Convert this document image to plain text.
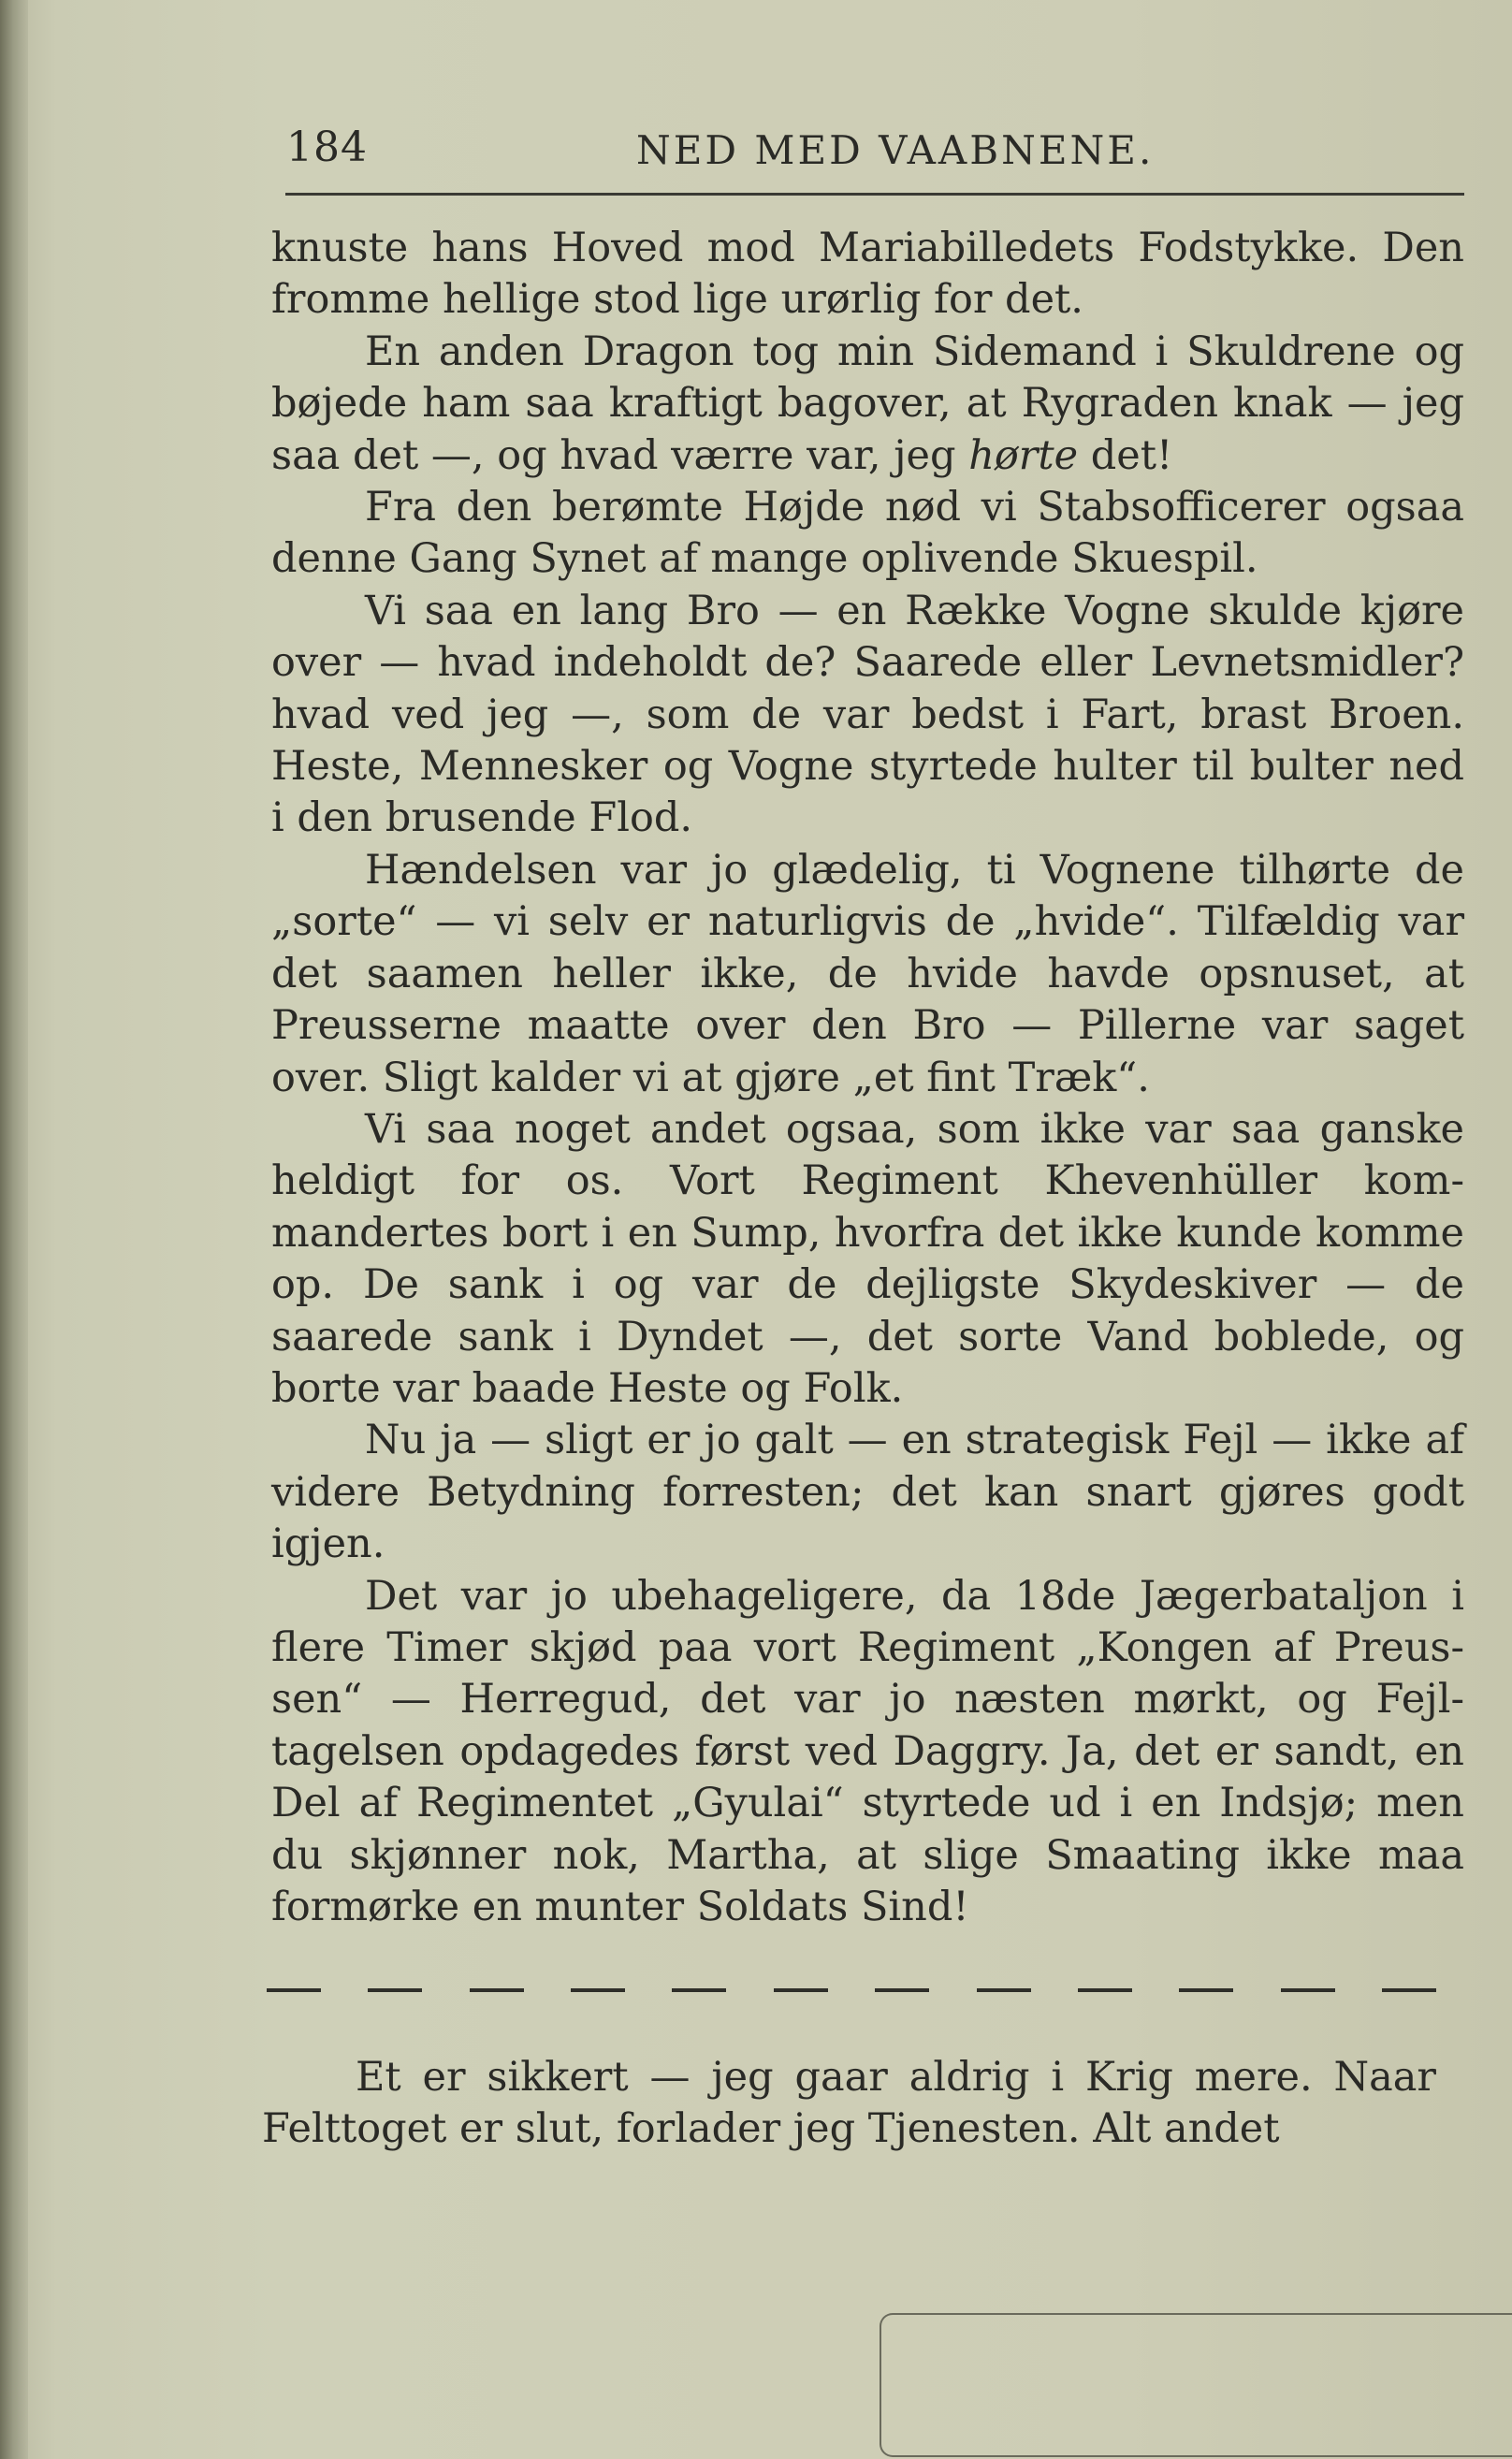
184	NED MED VAABNENE.

knuste hans Hoved mod Mariabilledets Fodstykke. Den fromme hellige stod lige urørlig for det.

En anden Dragon tog min Sidemand i Skuldrene og bøjede ham saa kraftigt bagover, at Rygraden knak — jeg saa det —, og hvad værre var, jeg hørte det!

Fra den berømte Højde nød vi Stabsofficerer ogsaa denne Gang Synet af mange oplivende Skuespil.

Vi saa en lang Bro — en Række Vogne skulde kjøre over — hvad indeholdt de? Saarede eller Levnetsmidler? hvad ved jeg —, som de var bedst i Fart, brast Broen. Heste, Mennesker og Vogne styrtede hulter til bulter ned i den brusende Flod.

Hændelsen var jo glædelig, ti Vognene tilhørte de „sorte“ — vi selv er naturligvis de „hvide“. Tilfældig var det saamen heller ikke, de hvide havde opsnuset, at Preusserne maatte over den Bro — Pillerne var saget over. Sligt kalder vi at gjøre „et fint Træk“.

Vi saa noget andet ogsaa, som ikke var saa ganske heldigt for os. Vort Regiment Khevenhüller kommandertes bort i en Sump, hvorfra det ikke kunde komme op. De sank i og var de dejligste Skydeskiver — de saarede sank i Dyndet —, det sorte Vand boblede, og borte var baade Heste og Folk.

Nu ja — sligt er jo galt — en strategisk Fejl — ikke af videre Betydning forresten; det kan snart gjøres godt igjen.

Det var jo ubehageligere, da 18de Jægerbataljon i flere Timer skjød paa vort Regiment „Kongen af Preussen“ — Herregud, det var jo næsten mørkt, og Fejltagelsen opdagedes først ved Daggry. Ja, det er sandt, en Del af Regimentet „Gyulai“ styrtede ud i en Indsjø; men du skjønner nok, Martha, at slige Smaating ikke maa formørke en munter Soldats Sind!

Et er sikkert — jeg gaar aldrig i Krig mere. Naar Felttoget er slut, forlader jeg Tjenesten. Alt andet
